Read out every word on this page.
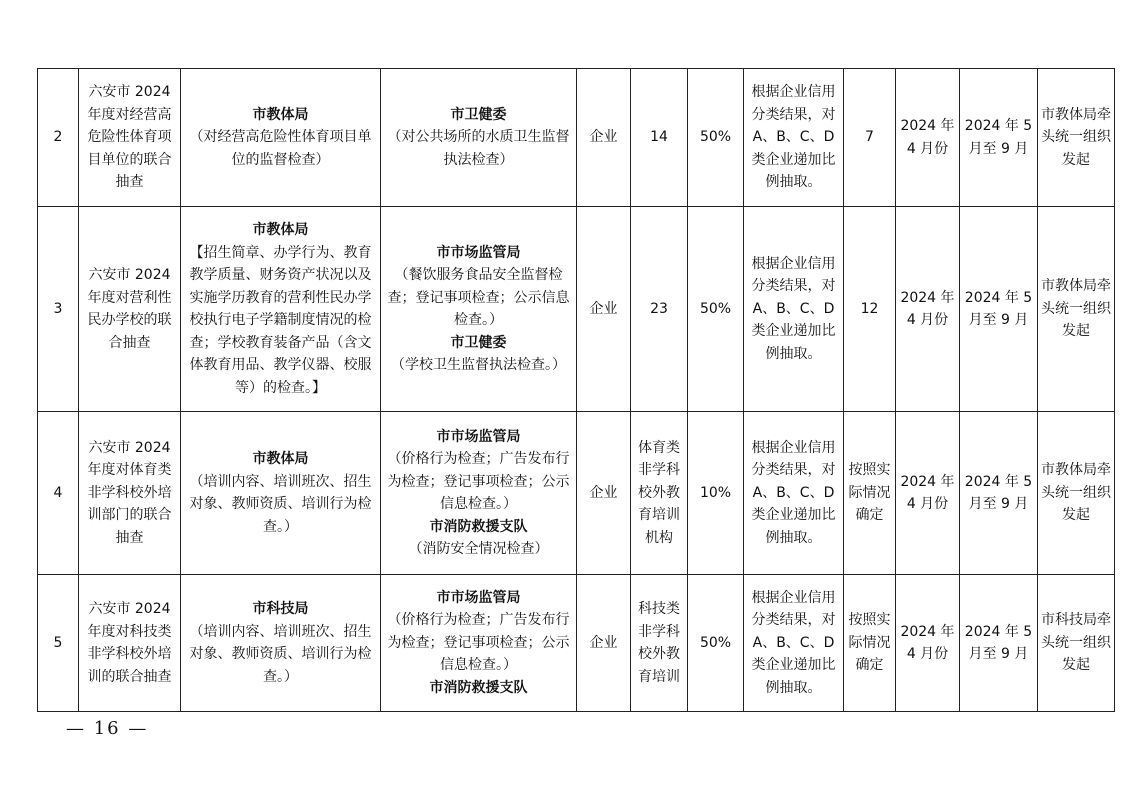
2	六安市 2024 年度对经营高危险性体育项目单位的联合抽查	市教体局
（对经营高危险性体育项目单位的监督检查）	市卫健委
（对公共场所的水质卫生监督执法检查）	企业	14	50%	根据企业信用分类结果，对 A、B、C、D 类企业递加比例抽取。	7	2024 年 4 月份	2024 年 5 月至 9 月	市教体局牵头统一组织发起
3	六安市 2024 年度对营利性民办学校的联合抽查	市教体局
【招生简章、办学行为、教育教学质量、财务资产状况以及实施学历教育的营利性民办学校执行电子学籍制度情况的检查；学校教育装备产品（含文体教育用品、教学仪器、校服等）的检查。】	市市场监管局
（餐饮服务食品安全监督检查；登记事项检查；公示信息检查。）
市卫健委
（学校卫生监督执法检查。）	企业	23	50%	根据企业信用分类结果，对 A、B、C、D 类企业递加比例抽取。	12	2024 年 4 月份	2024 年 5 月至 9 月	市教体局牵头统一组织发起
4	六安市 2024 年度对体育类非学科校外培训部门的联合抽查	市教体局
（培训内容、培训班次、招生对象、教师资质、培训行为检查。）	市市场监管局
（价格行为检查；广告发布行为检查；登记事项检查；公示信息检查。）
市消防救援支队
（消防安全情况检查）	企业	体育类非学科校外教育培训机构	10%	根据企业信用分类结果，对 A、B、C、D 类企业递加比例抽取。	按照实际情况确定	2024 年 4 月份	2024 年 5 月至 9 月	市教体局牵头统一组织发起
5	六安市 2024 年度对科技类非学科校外培训的联合抽查	市科技局
（培训内容、培训班次、招生对象、教师资质、培训行为检查。）	市市场监管局
（价格行为检查；广告发布行为检查；登记事项检查；公示信息检查。）
市消防救援支队	企业	科技类非学科校外教育培训	50%	根据企业信用分类结果，对 A、B、C、D 类企业递加比例抽取。	按照实际情况确定	2024 年 4 月份	2024 年 5 月至 9 月	市科技局牵头统一组织发起
— 16 —
